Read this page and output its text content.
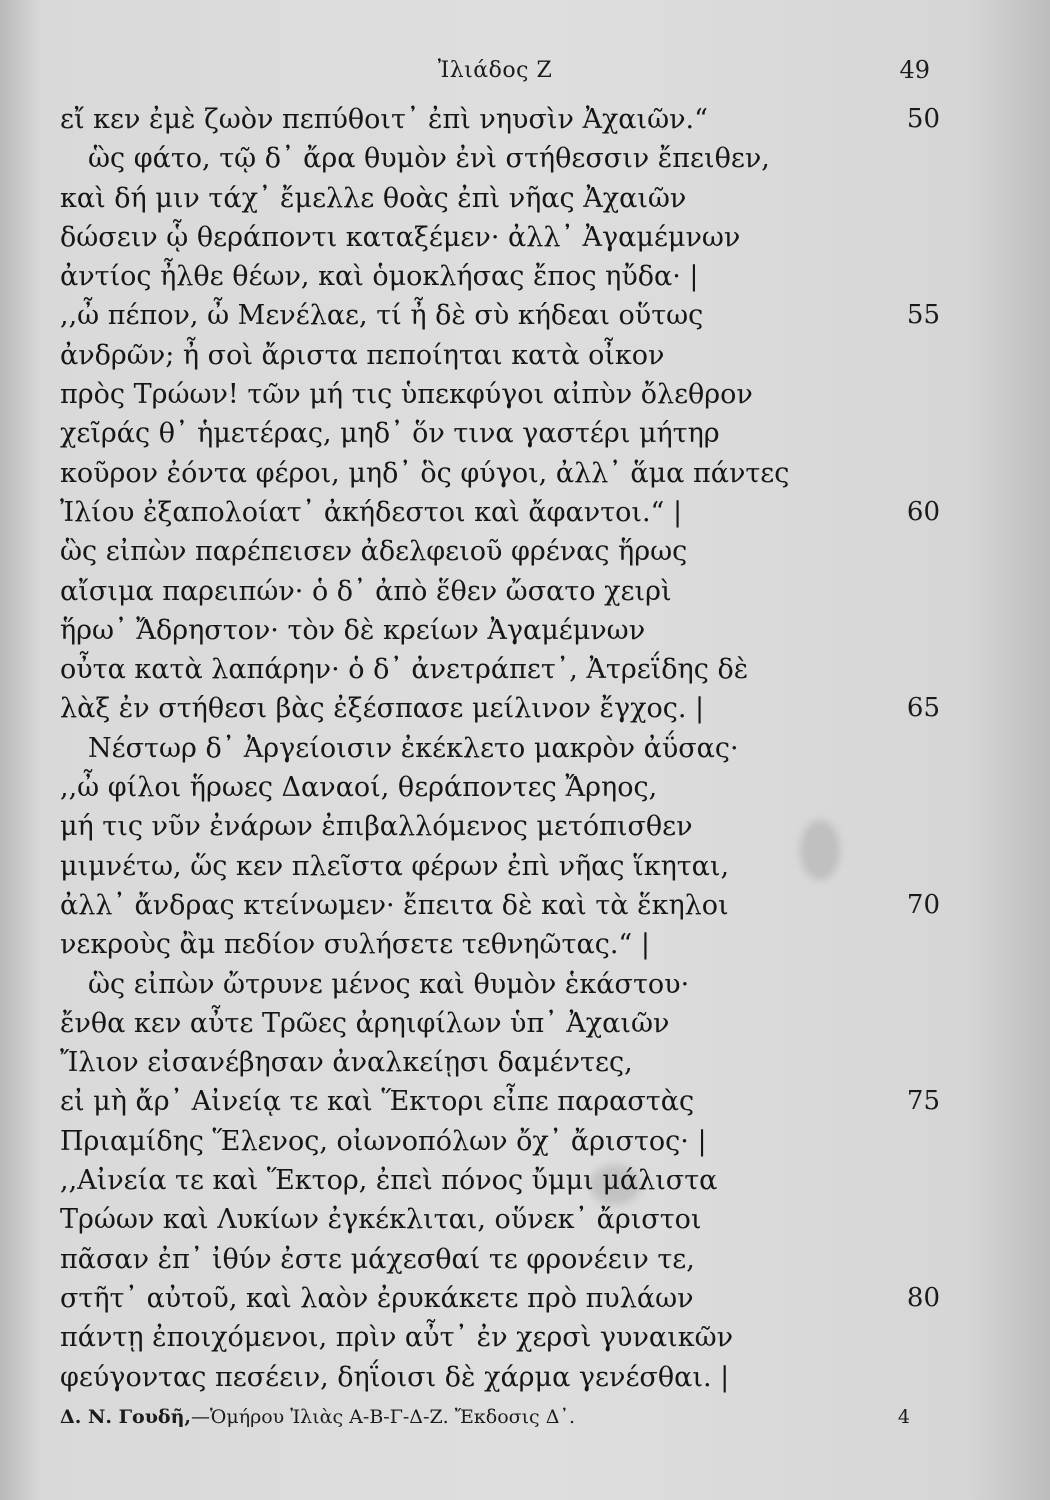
Ἰλιάδος Ζ	49
εἴ κεν ἐμὲ ζωὸν πεπύθοιτ᾽ ἐπὶ νηυσὶν Ἀχαιῶν.“	50
ὣς φάτο, τῷ δ᾽ ἄρα θυμὸν ἐνὶ στήθεσσιν ἔπειθεν,
καὶ δή μιν τάχ᾽ ἔμελλε θοὰς ἐπὶ νῆας Ἀχαιῶν
δώσειν ᾧ θεράποντι καταξέμεν· ἀλλ᾽ Ἀγαμέμνων
ἀντίος ἦλθε θέων, καὶ ὁμοκλήσας ἔπος ηὔδα· |
,,ὦ πέπον, ὦ Μενέλαε, τί ἦ δὲ σὺ κήδεαι οὕτως	55
ἀνδρῶν; ἦ σοὶ ἄριστα πεποίηται κατὰ οἶκον
πρὸς Τρώων! τῶν μή τις ὑπεκφύγοι αἰπὺν ὄλεθρον
χεῖράς θ᾽ ἡμετέρας, μηδ᾽ ὅν τινα γαστέρι μήτηρ
κοῦρον ἐόντα φέροι, μηδ᾽ ὃς φύγοι, ἀλλ᾽ ἅμα πάντες
Ἰλίου ἐξαπολοίατ᾽ ἀκήδεστοι καὶ ἄφαντοι.“ |	60
ὣς εἰπὼν παρέπεισεν ἀδελφειοῦ φρένας ἥρως
αἴσιμα παρειπών· ὁ δ᾽ ἀπὸ ἕθεν ὤσατο χειρὶ
ἥρω᾽ Ἄδρηστον· τὸν δὲ κρείων Ἀγαμέμνων
οὖτα κατὰ λαπάρην· ὁ δ᾽ ἀνετράπετ᾽, Ἀτρεΐδης δὲ
λὰξ ἐν στήθεσι βὰς ἐξέσπασε μείλινον ἔγχος. |	65
Νέστωρ δ᾽ Ἀργείοισιν ἐκέκλετο μακρὸν ἀΰσας·
,,ὦ φίλοι ἥρωες Δαναοί, θεράποντες Ἄρηος,
μή τις νῦν ἐνάρων ἐπιβαλλόμενος μετόπισθεν
μιμνέτω, ὥς κεν πλεῖστα φέρων ἐπὶ νῆας ἵκηται,
ἀλλ᾽ ἄνδρας κτείνωμεν· ἔπειτα δὲ καὶ τὰ ἕκηλοι	70
νεκροὺς ἂμ πεδίον συλήσετε τεθνηῶτας.“ |
ὣς εἰπὼν ὤτρυνε μένος καὶ θυμὸν ἑκάστου·
ἔνθα κεν αὖτε Τρῶες ἀρηιφίλων ὑπ᾽ Ἀχαιῶν
Ἴλιον εἰσανέβησαν ἀναλκείῃσι δαμέντες,
εἰ μὴ ἄρ᾽ Αἰνείᾳ τε καὶ Ἕκτορι εἶπε παραστὰς	75
Πριαμίδης Ἕλενος, οἰωνοπόλων ὄχ᾽ ἄριστος· |
,,Αἰνεία τε καὶ Ἕκτορ, ἐπεὶ πόνος ὔμμι μάλιστα
Τρώων καὶ Λυκίων ἐγκέκλιται, οὕνεκ᾽ ἄριστοι
πᾶσαν ἐπ᾽ ἰθύν ἐστε μάχεσθαί τε φρονέειν τε,
στῆτ᾽ αὐτοῦ, καὶ λαὸν ἐρυκάκετε πρὸ πυλάων	80
πάντῃ ἐποιχόμενοι, πρὶν αὖτ᾽ ἐν χερσὶ γυναικῶν
φεύγοντας πεσέειν, δηΐοισι δὲ χάρμα γενέσθαι. |
Δ. Ν. Γουδῆ,—Ὁμήρου Ἰλιὰς Α-Β-Γ-Δ-Ζ. Ἔκδοσις Δ᾽.	4
